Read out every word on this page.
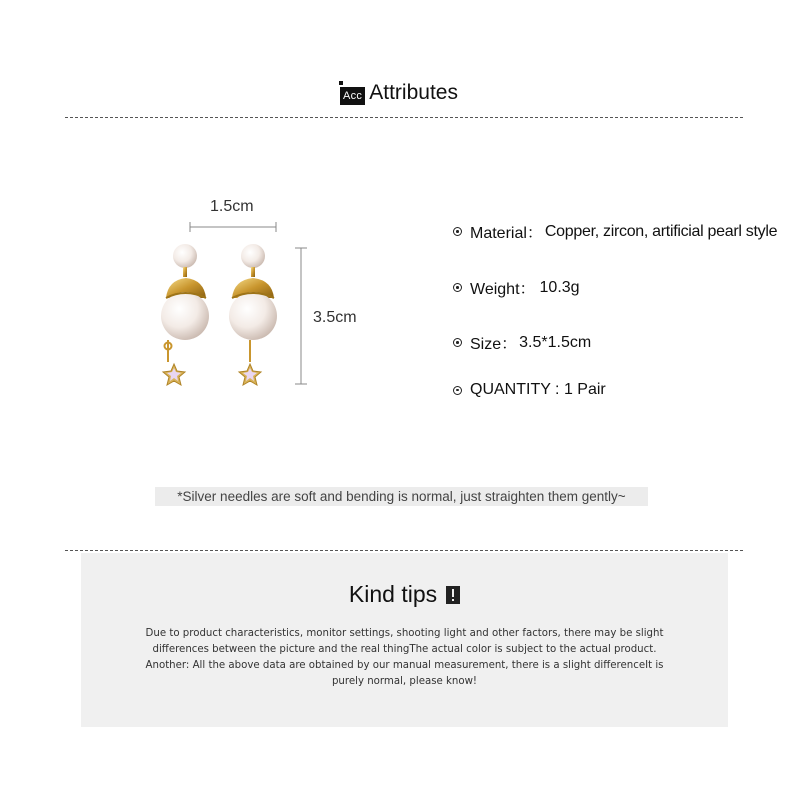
Acc Attributes
1.5cm
3.5cm
Material： Copper, zircon, artificial pearl style
Weight： 10.3g
Size： 3.5*1.5cm
QUANTITY : 1 Pair
*Silver needles are soft and bending is normal, just straighten them gently~
Kind tips
Due to product characteristics, monitor settings, shooting light and other factors, there may be slight
differences between the picture and the real thingThe actual color is subject to the actual product.
Another: All the above data are obtained by our manual measurement, there is a slight differenceIt is
purely normal, please know!
